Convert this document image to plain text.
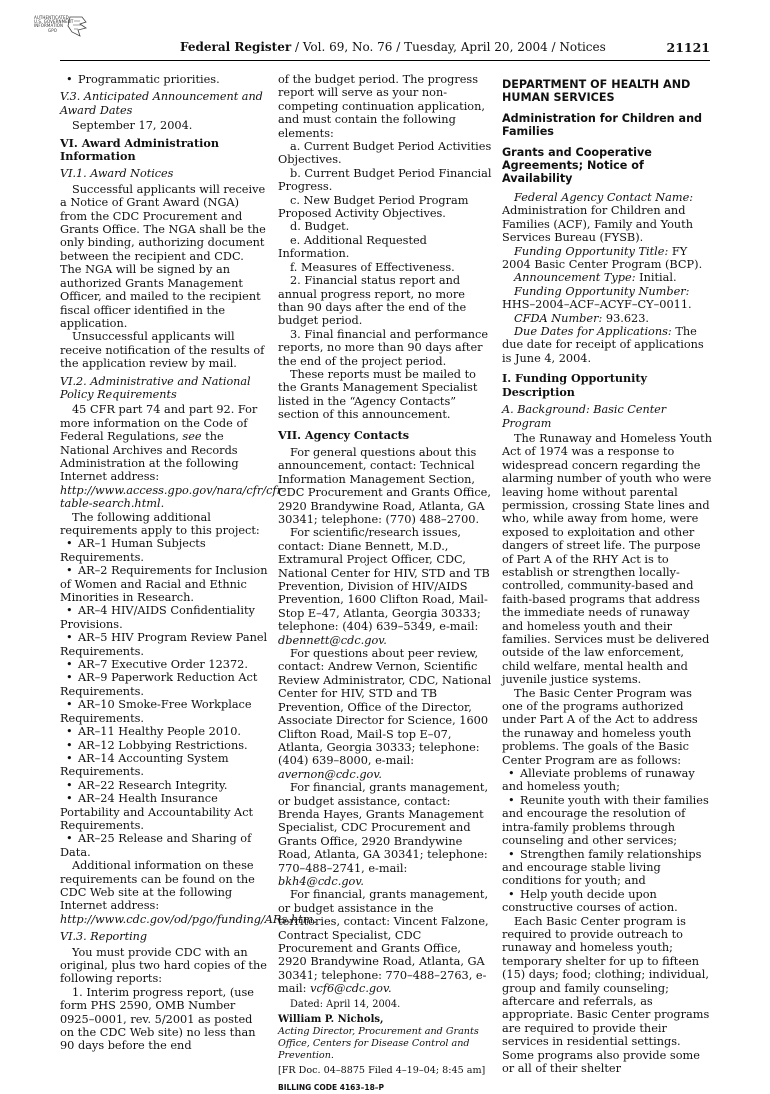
AUTHENTICATED
U.S. GOVERNMENT
INFORMATION
GPO
Federal Register / Vol. 69, No. 76 / Tuesday, April 20, 2004 / Notices	21121

• Programmatic priorities.

V.3. Anticipated Announcement and Award Dates

September 17, 2004.

VI. Award Administration Information
VI.1. Award Notices

Successful applicants will receive a Notice of Grant Award (NGA) from the CDC Procurement and Grants Office. The NGA shall be the only binding, authorizing document between the recipient and CDC. The NGA will be signed by an authorized Grants Management Officer, and mailed to the recipient fiscal officer identified in the application.

Unsuccessful applicants will receive notification of the results of the application review by mail.

VI.2. Administrative and National Policy Requirements

45 CFR part 74 and part 92. For more information on the Code of Federal Regulations, see the National Archives and Records Administration at the following Internet address: http://www.access.gpo.gov/nara/cfr/cfr-table-search.html.

The following additional requirements apply to this project:

• AR–1 Human Subjects Requirements.

• AR–2 Requirements for Inclusion of Women and Racial and Ethnic Minorities in Research.

• AR–4 HIV/AIDS Confidentiality Provisions.

• AR–5 HIV Program Review Panel Requirements.

• AR–7 Executive Order 12372.

• AR–9 Paperwork Reduction Act Requirements.

• AR–10 Smoke-Free Workplace Requirements.

• AR–11 Healthy People 2010.

• AR–12 Lobbying Restrictions.

• AR–14 Accounting System Requirements.

• AR–22 Research Integrity.

• AR–24 Health Insurance Portability and Accountability Act Requirements.

• AR–25 Release and Sharing of Data.

Additional information on these requirements can be found on the CDC Web site at the following Internet address: http://www.cdc.gov/od/pgo/funding/ARs.htm.

VI.3. Reporting

You must provide CDC with an original, plus two hard copies of the following reports:

1. Interim progress report, (use form PHS 2590, OMB Number 0925–0001, rev. 5/2001 as posted on the CDC Web site) no less than 90 days before the end

of the budget period. The progress report will serve as your non-competing continuation application, and must contain the following elements:

a. Current Budget Period Activities Objectives.

b. Current Budget Period Financial Progress.

c. New Budget Period Program Proposed Activity Objectives.

d. Budget.

e. Additional Requested Information.

f. Measures of Effectiveness.

2. Financial status report and annual progress report, no more than 90 days after the end of the budget period.

3. Final financial and performance reports, no more than 90 days after the end of the project period.

These reports must be mailed to the Grants Management Specialist listed in the “Agency Contacts” section of this announcement.

VII. Agency Contacts

For general questions about this announcement, contact: Technical Information Management Section, CDC Procurement and Grants Office, 2920 Brandywine Road, Atlanta, GA 30341; telephone: (770) 488–2700.

For scientific/research issues, contact: Diane Bennett, M.D., Extramural Project Officer, CDC, National Center for HIV, STD and TB Prevention, Division of HIV/AIDS Prevention, 1600 Clifton Road, Mail-Stop E–47, Atlanta, Georgia 30333; telephone: (404) 639–5349, e-mail: dbennett@cdc.gov.

For questions about peer review, contact: Andrew Vernon, Scientific Review Administrator, CDC, National Center for HIV, STD and TB Prevention, Office of the Director, Associate Director for Science, 1600 Clifton Road, Mail-S top E–07, Atlanta, Georgia 30333; telephone: (404) 639–8000, e-mail: avernon@cdc.gov.

For financial, grants management, or budget assistance, contact: Brenda Hayes, Grants Management Specialist, CDC Procurement and Grants Office, 2920 Brandywine Road, Atlanta, GA 30341; telephone: 770–488–2741, e-mail: bkh4@cdc.gov.

For financial, grants management, or budget assistance in the territories, contact: Vincent Falzone, Contract Specialist, CDC Procurement and Grants Office, 2920 Brandywine Road, Atlanta, GA 30341; telephone: 770–488–2763, e-mail: vcf6@cdc.gov.

Dated: April 14, 2004.

William P. Nichols,

Acting Director, Procurement and Grants Office, Centers for Disease Control and Prevention.

[FR Doc. 04–8875 Filed 4–19–04; 8:45 am]

BILLING CODE 4163–18–P

DEPARTMENT OF HEALTH AND HUMAN SERVICES
Administration for Children and Families
Grants and Cooperative Agreements; Notice of Availability

Federal Agency Contact Name: Administration for Children and Families (ACF), Family and Youth Services Bureau (FYSB).

Funding Opportunity Title: FY 2004 Basic Center Program (BCP).

Announcement Type: Initial.

Funding Opportunity Number: HHS–2004–ACF–ACYF–CY–0011.

CFDA Number: 93.623.

Due Dates for Applications: The due date for receipt of applications is June 4, 2004.

I. Funding Opportunity Description
A. Background: Basic Center Program

The Runaway and Homeless Youth Act of 1974 was a response to widespread concern regarding the alarming number of youth who were leaving home without parental permission, crossing State lines and who, while away from home, were exposed to exploitation and other dangers of street life. The purpose of Part A of the RHY Act is to establish or strengthen locally-controlled, community-based and faith-based programs that address the immediate needs of runaway and homeless youth and their families. Services must be delivered outside of the law enforcement, child welfare, mental health and juvenile justice systems.

The Basic Center Program was one of the programs authorized under Part A of the Act to address the runaway and homeless youth problems. The goals of the Basic Center Program are as follows:

• Alleviate problems of runaway and homeless youth;

• Reunite youth with their families and encourage the resolution of intra-family problems through counseling and other services;

• Strengthen family relationships and encourage stable living conditions for youth; and

• Help youth decide upon constructive courses of action.

Each Basic Center program is required to provide outreach to runaway and homeless youth; temporary shelter for up to fifteen (15) days; food; clothing; individual, group and family counseling; aftercare and referrals, as appropriate. Basic Center programs are required to provide their services in residential settings. Some programs also provide some or all of their shelter
